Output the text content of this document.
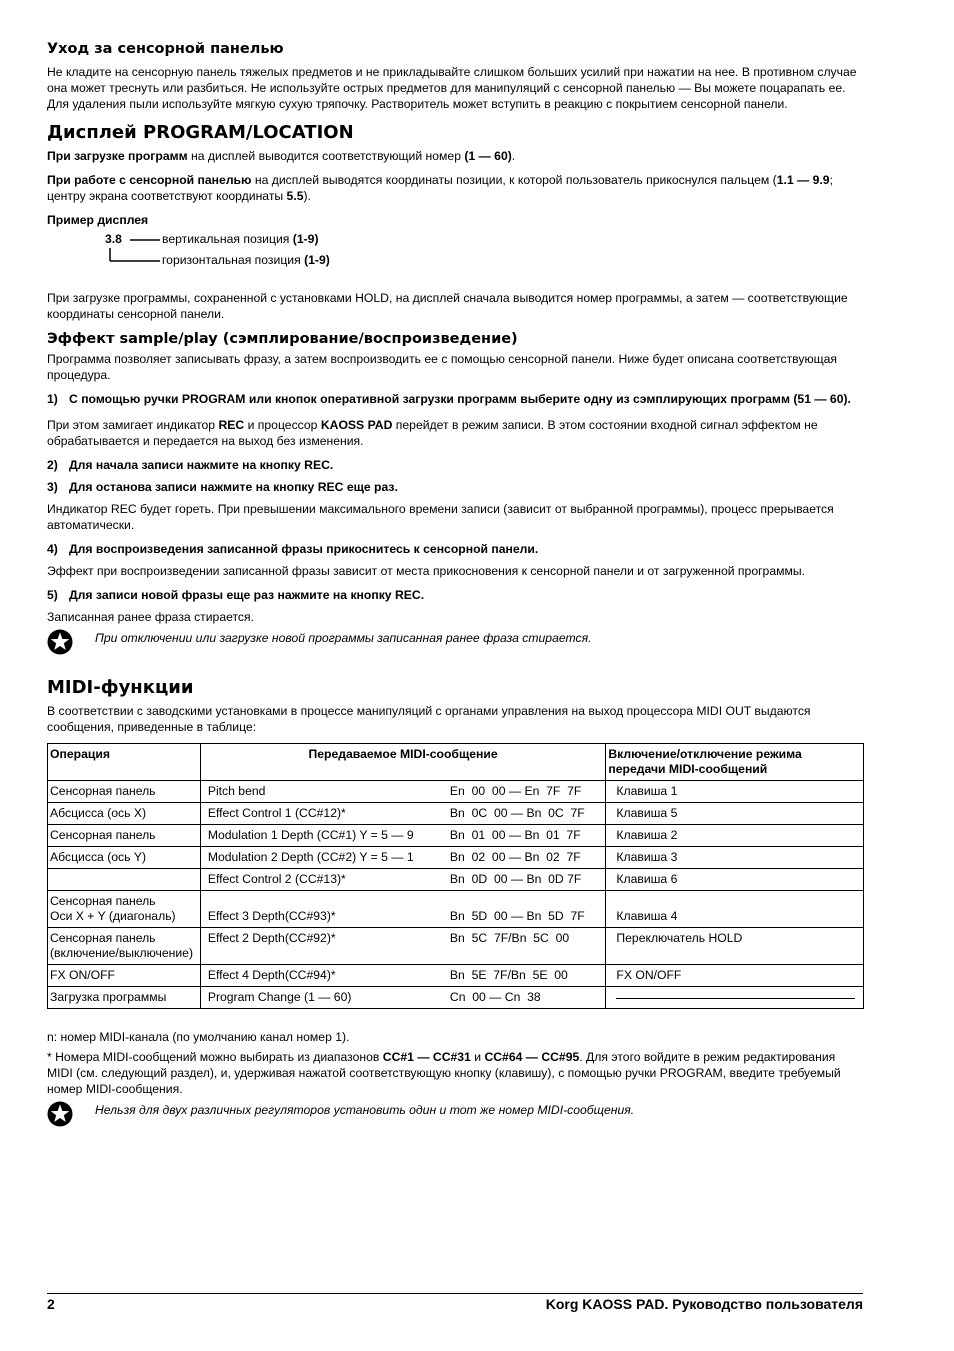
Уход за сенсорной панелью

Не кладите на сенсорную панель тяжелых предметов и не прикладывайте слишком больших усилий при нажатии на нее. В противном случае она может треснуть или разбиться. Не используйте острых предметов для манипуляций с сенсорной панелью — Вы можете поцарапать ее. Для удаления пыли используйте мягкую сухую тряпочку. Растворитель может вступить в реакцию с покрытием сенсорной панели.

Дисплей PROGRAM/LOCATION

При загрузке программ на дисплей выводится соответствующий номер (1 — 60).

При работе с сенсорной панелью на дисплей выводятся координаты позиции, к которой пользователь прикоснулся пальцем (1.1 — 9.9; центру экрана соответствуют координаты 5.5).

Пример дисплея

3.8	вертикальная позиция (1-9)
горизонтальная позиция (1-9)

При загрузке программы, сохраненной с установками HOLD, на дисплей сначала выводится номер программы, а затем — соответствующие координаты сенсорной панели.

Эффект sample/play (сэмплирование/воспроизведение)

Программа позволяет записывать фразу, а затем воспроизводить ее с помощью сенсорной панели. Ниже будет описана соответствующая процедура.

1) С помощью ручки PROGRAM или кнопок оперативной загрузки программ выберите одну из сэмплирующих программ (51 — 60).

При этом замигает индикатор REC и процессор KAOSS PAD перейдет в режим записи. В этом состоянии входной сигнал эффектом не обрабатывается и передается на выход без изменения.

2) Для начала записи нажмите на кнопку REC.
3) Для останова записи нажмите на кнопку REC еще раз.

Индикатор REC будет гореть. При превышении максимального времени записи (зависит от выбранной программы), процесс прерывается автоматически.

4) Для воспроизведения записанной фразы прикоснитесь к сенсорной панели.

Эффект при воспроизведении записанной фразы зависит от места прикосновения к сенсорной панели и от загруженной программы.

5) Для записи новой фразы еще раз нажмите на кнопку REC.

Записанная ранее фраза стирается.

При отключении или загрузке новой программы записанная ранее фраза стирается.
MIDI-функции

В соответствии с заводскими установками в процессе манипуляций с органами управления на выход процессора MIDI OUT выдаются сообщения, приведенные в таблице:

Операция	Передаваемое MIDI-сообщение		Включение/отключение режима передачи MIDI-сообщений
Сенсорная панель	Pitch bend	En  00  00 — En  7F  7F	Клавиша 1
Абсцисса (ось X)	Effect Control 1 (CC#12)*	Bn  0C  00 — Bn  0C  7F	Клавиша 5
Сенсорная панель	Modulation 1 Depth (CC#1) Y = 5 — 9	Bn  01  00 — Bn  01  7F	Клавиша 2
Абсцисса (ось Y)	Modulation 2 Depth (CC#2) Y = 5 — 1	Bn  02  00 — Bn  02  7F	Клавиша 3
	Effect Control 2 (CC#13)*	Bn  0D  00 — Bn  0D 7F	Клавиша 6
Сенсорная панель
Оси X + Y (диагональ)	Effect 3 Depth(CC#93)*	Bn  5D  00 — Bn  5D  7F	Клавиша 4
Сенсорная панель
(включение/выключение)	Effect 2 Depth(CC#92)*	Bn  5C  7F/Bn  5C  00	Переключатель HOLD
FX ON/OFF	Effect 4 Depth(CC#94)*	Bn  5E  7F/Bn  5E  00	FX ON/OFF
Загрузка программы	Program Change (1 — 60)	Cn  00 — Cn  38	

n: номер MIDI-канала (по умолчанию канал номер 1).

* Номера MIDI-сообщений можно выбирать из диапазонов CC#1 — CC#31 и CC#64 — CC#95. Для этого войдите в режим редактирования MIDI (см. следующий раздел), и, удерживая нажатой соответствующую кнопку (клавишу), с помощью ручки PROGRAM, введите требуемый номер MIDI-сообщения.

Нельзя для двух различных регуляторов установить один и тот же номер MIDI-сообщения.
2	Korg KAOSS PAD. Руководство пользователя
